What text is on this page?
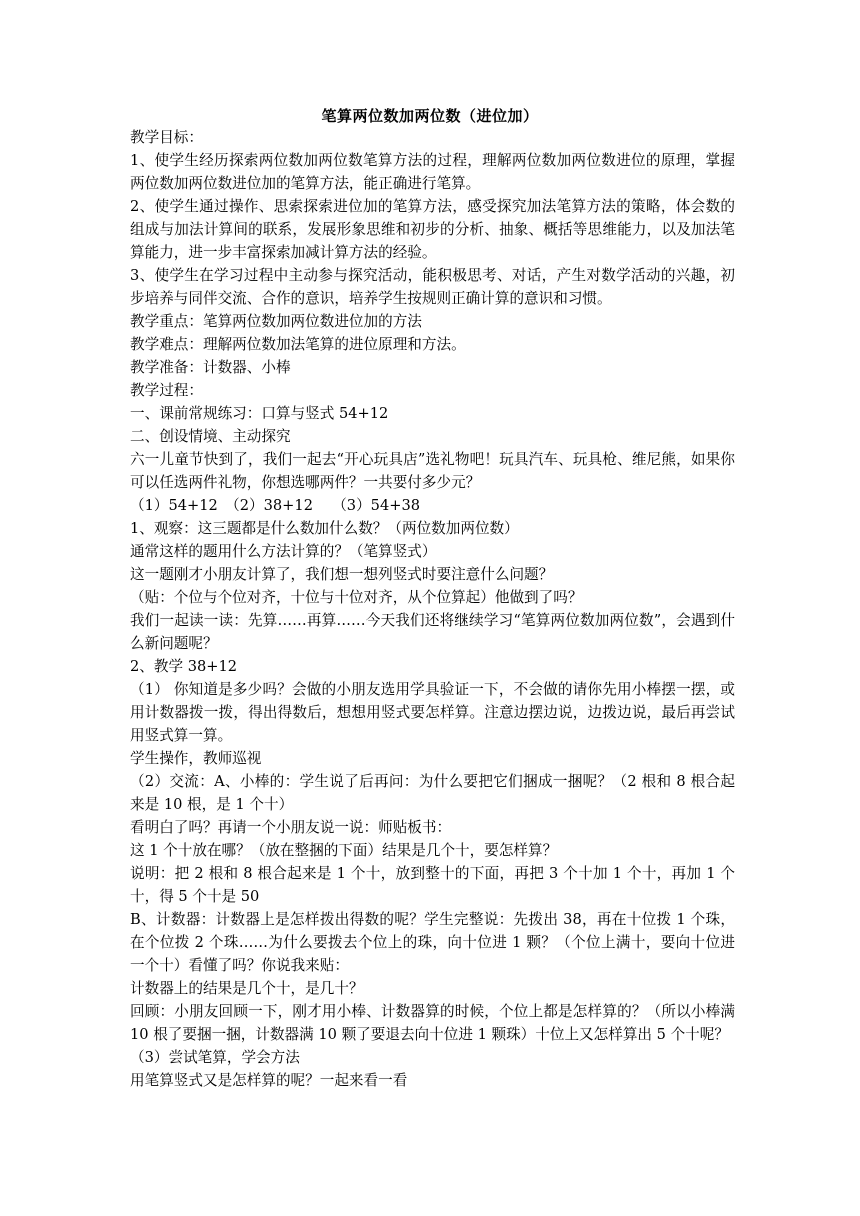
笔算两位数加两位数（进位加）

教学目标：

1、使学生经历探索两位数加两位数笔算方法的过程，理解两位数加两位数进位的原理，掌握两位数加两位数进位加的笔算方法，能正确进行笔算。

2、使学生通过操作、思索探索进位加的笔算方法，感受探究加法笔算方法的策略，体会数的组成与加法计算间的联系，发展形象思维和初步的分析、抽象、概括等思维能力，以及加法笔算能力，进一步丰富探索加减计算方法的经验。

3、使学生在学习过程中主动参与探究活动，能积极思考、对话，产生对数学活动的兴趣，初步培养与同伴交流、合作的意识，培养学生按规则正确计算的意识和习惯。

教学重点：笔算两位数加两位数进位加的方法

教学难点：理解两位数加法笔算的进位原理和方法。

教学准备：计数器、小棒

教学过程：

一、课前常规练习：口算与竖式 54+12

二、创设情境、主动探究

六一儿童节快到了，我们一起去“开心玩具店”选礼物吧！玩具汽车、玩具枪、维尼熊，如果你可以任选两件礼物，你想选哪两件？一共要付多少元？

（1）54+12　（2）38+12　 （3）54+38

1、观察：这三题都是什么数加什么数？（两位数加两位数）

通常这样的题用什么方法计算的？（笔算竖式）

这一题刚才小朋友计算了，我们想一想列竖式时要注意什么问题？

（贴：个位与个位对齐，十位与十位对齐，从个位算起）他做到了吗？

我们一起读一读：先算……再算……今天我们还将继续学习“笔算两位数加两位数”，会遇到什么新问题呢？

2、教学 38+12

（1） 你知道是多少吗？会做的小朋友选用学具验证一下，不会做的请你先用小棒摆一摆，或用计数器拨一拨，得出得数后，想想用竖式要怎样算。注意边摆边说，边拨边说，最后再尝试用竖式算一算。

学生操作，教师巡视

（2）交流：A、小棒的：学生说了后再问：为什么要把它们捆成一捆呢？（2 根和 8 根合起来是 10 根，是 1 个十）

看明白了吗？再请一个小朋友说一说：师贴板书：

这 1 个十放在哪？（放在整捆的下面）结果是几个十，要怎样算？

说明：把 2 根和 8 根合起来是 1 个十，放到整十的下面，再把 3 个十加 1 个十，再加 1 个十，得 5 个十是 50

B、计数器：计数器上是怎样拨出得数的呢？学生完整说：先拨出 38，再在十位拨 1 个珠，在个位拨 2 个珠……为什么要拨去个位上的珠，向十位进 1 颗？（个位上满十，要向十位进一个十）看懂了吗？你说我来贴：

计数器上的结果是几个十，是几十？

回顾：小朋友回顾一下，刚才用小棒、计数器算的时候，个位上都是怎样算的？（所以小棒满 10 根了要捆一捆，计数器满 10 颗了要退去向十位进 1 颗珠）十位上又怎样算出 5 个十呢？

（3）尝试笔算，学会方法

用笔算竖式又是怎样算的呢？一起来看一看
